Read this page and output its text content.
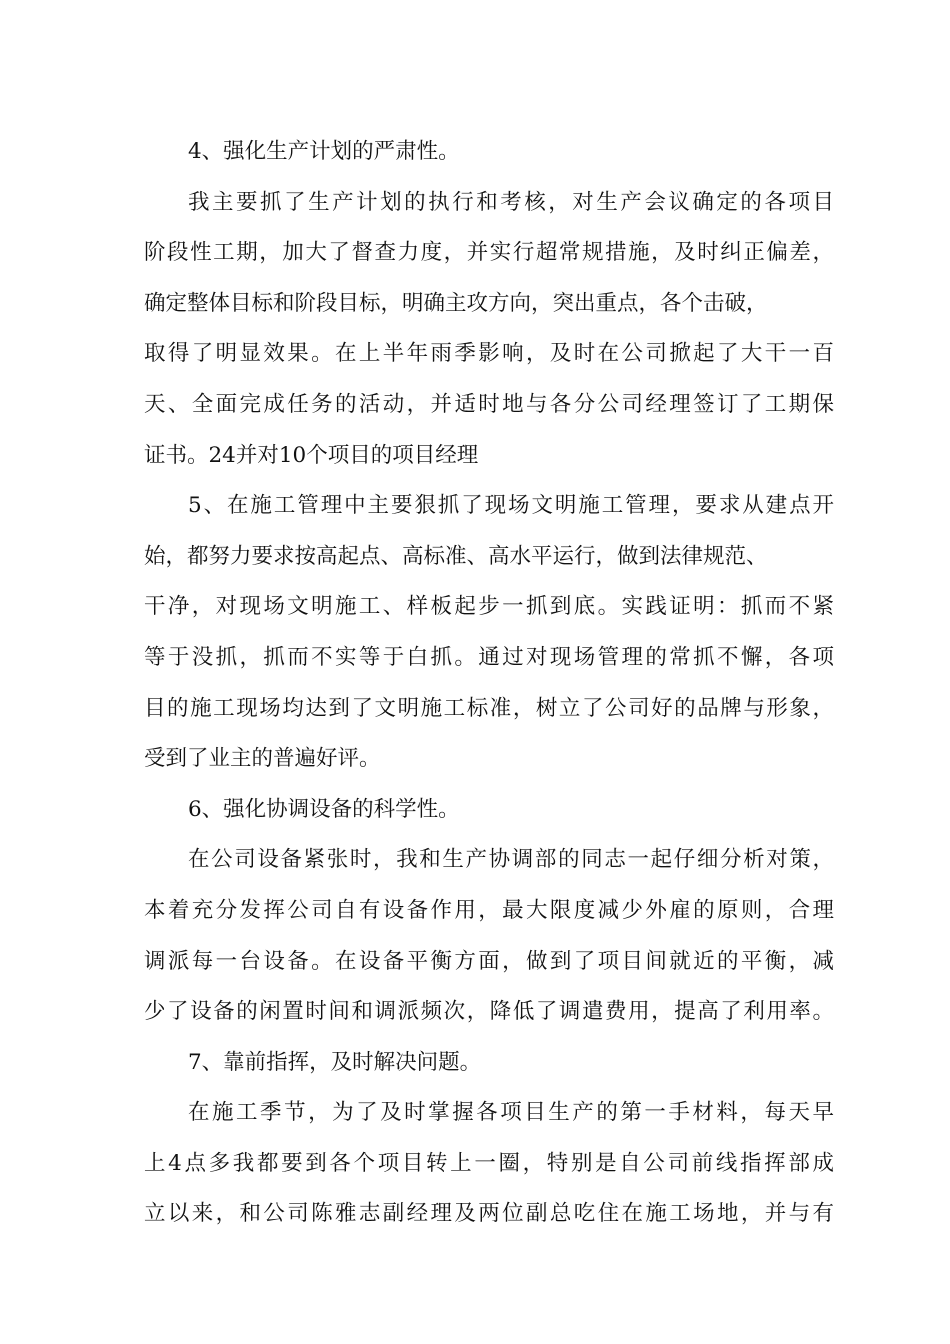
4、强化生产计划的严肃性。
我主要抓了生产计划的执行和考核，对生产会议确定的各项目
阶段性工期，加大了督查力度，并实行超常规措施，及时纠正偏差，
确定整体目标和阶段目标，明确主攻方向，突出重点，各个击破，
取得了明显效果。在上半年雨季影响，及时在公司掀起了大干一百
天、全面完成任务的活动，并适时地与各分公司经理签订了工期保
证书。24并对10个项目的项目经理
5、在施工管理中主要狠抓了现场文明施工管理，要求从建点开
始，都努力要求按高起点、高标准、高水平运行，做到法律规范、
干净，对现场文明施工、样板起步一抓到底。实践证明：抓而不紧
等于没抓，抓而不实等于白抓。通过对现场管理的常抓不懈，各项
目的施工现场均达到了文明施工标准，树立了公司好的品牌与形象，
受到了业主的普遍好评。
6、强化协调设备的科学性。
在公司设备紧张时，我和生产协调部的同志一起仔细分析对策，
本着充分发挥公司自有设备作用，最大限度减少外雇的原则，合理
调派每一台设备。在设备平衡方面，做到了项目间就近的平衡，减
少了设备的闲置时间和调派频次，降低了调遣费用，提高了利用率。
7、靠前指挥，及时解决问题。
在施工季节，为了及时掌握各项目生产的第一手材料，每天早
上4点多我都要到各个项目转上一圈，特别是自公司前线指挥部成
立以来，和公司陈雅志副经理及两位副总吃住在施工场地，并与有
